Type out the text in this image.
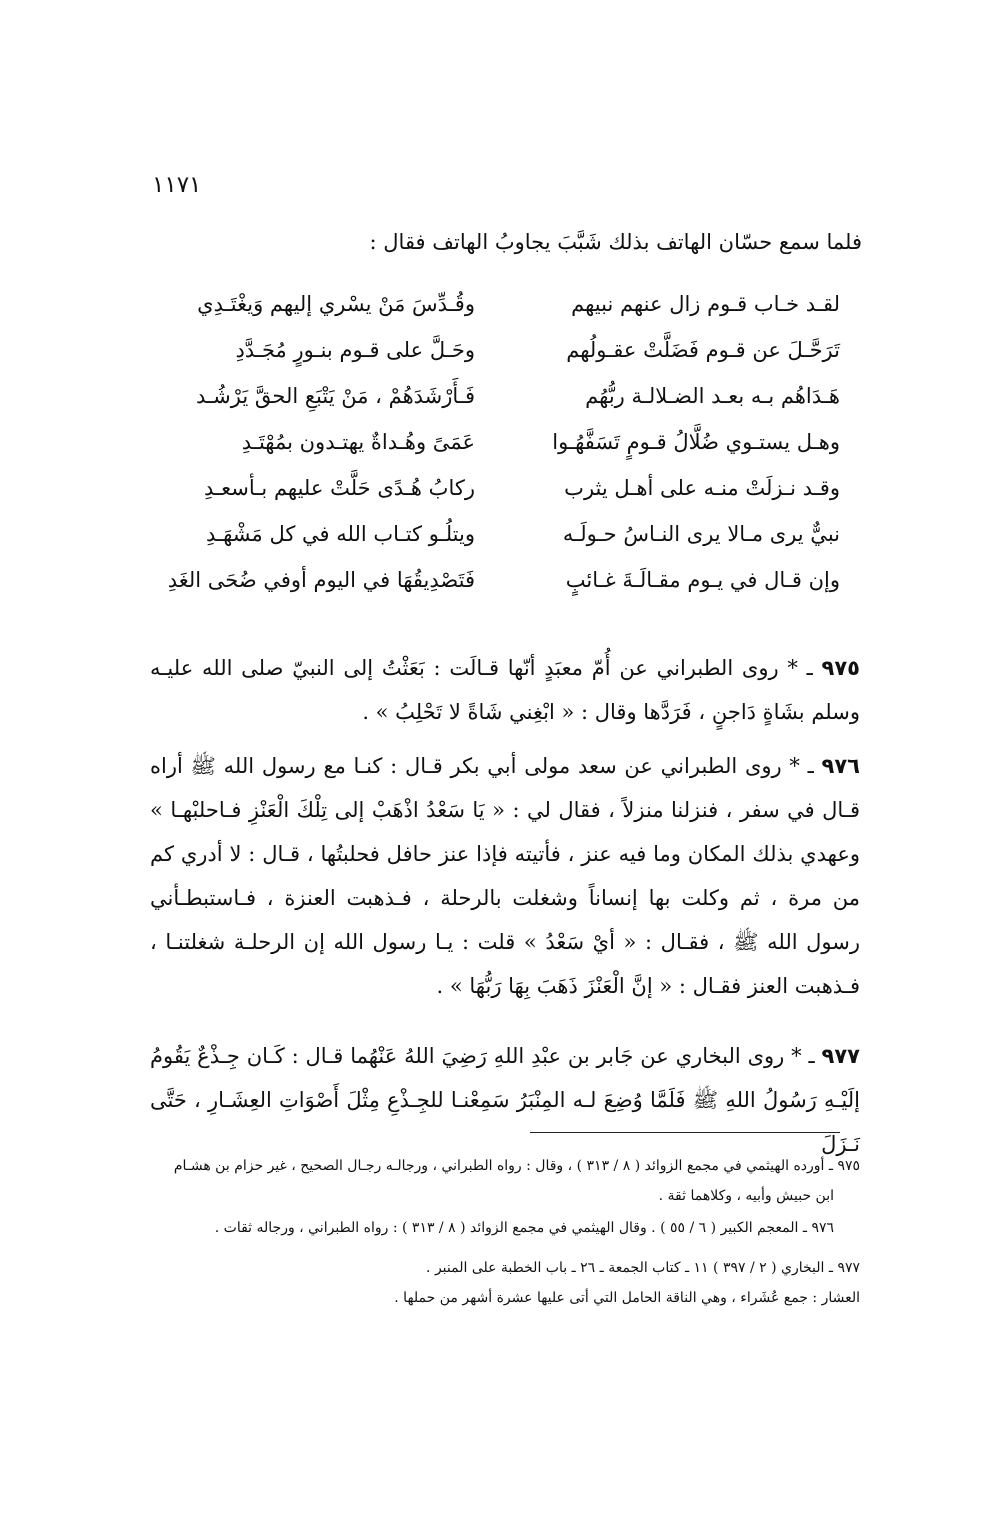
١١٧١
فلما سمع حسّان الهاتف بذلك شَبَّبَ يجاوبُ الهاتف فقال :
لقـد خـاب قـوم زال عنهم نبيهم
وقُـدِّسَ مَنْ يسْري إليهم وَيغْتَـدِي
تَرَحَّـلَ عن قـوم فَضَلَّتْ عقـولُهم
وحَـلَّ على قـوم بنـورٍ مُجَـدَّدِ
هَـدَاهُم بـه بعـد الضـلالـة ربُّهُم
فَـأَرْشَدَهُمْ ، مَنْ يَتْبَعِ الحقَّ يَرْشُـد
وهـل يستـوي ضُلَّالُ قـومٍ تَسَفَّهُـوا
عَمَىً وهُـداةٌ يهتـدون بمُهْتَـدِ
وقـد نـزلَتْ منـه على أهـل يثرب
ركابُ هُـدًى حَلَّتْ عليهم بـأسعـدِ
نبيٌّ يرى مـالا يرى النـاسُ حـولَـه
ويتلُـو كتـاب الله في كل مَشْهَـدِ
وإن قـال في يـوم مقـالَـةَ غـائبٍ
فَتَصْدِيقُهَا في اليوم أوفي ضُحَى الغَدِ
٩٧٥ ـ * روى الطبراني عن أُمّ معبَدٍ أنّها قـالَت : بَعَثْتُ إلى النبيّ صلى الله عليـه وسلم بشَاةٍ دَاجنٍ ، فَرَدَّها وقال : « ابْغِني شَاةً لا تَحْلِبُ » .
٩٧٦ ـ * روى الطبراني عن سعد مولى أبي بكر قـال : كنـا مع رسول الله ﷺ أراه قـال في سفر ، فنزلنا منزلاً ، فقال لي : « يَا سَعْدُ اذْهَبْ إلى تِلْكَ الْعَنْزِ فـاحلبْهـا » وعهدي بذلك المكان وما فيه عنز ، فأتيته فإذا عنز حافل فحلبتُها ، قـال : لا أدري كم من مرة ، ثم وكلت بها إنساناً وشغلت بالرحلة ، فـذهبت العنزة ، فـاستبطـأني رسول الله ﷺ ، فقـال : « أيْ سَعْدُ » قلت : يـا رسول الله إن الرحلـة شغلتنـا ، فـذهبت العنز فقـال : « إنَّ الْعَنْزَ ذَهَبَ بِهَا رَبُّهَا » .
٩٧٧ ـ * روى البخاري عن جَابر بن عبْدِ اللهِ رَضِيَ اللهُ عَنْهُما قـال : كَـان جِـذْعٌ يَقُومُ إلَيْـهِ رَسُولُ اللهِ ﷺ فَلَمَّا وُضِعَ لـه المِنْبَرُ سَمِعْنـا للجِـذْعِ مِثْلَ أَصْوَاتِ العِشَـارِ ، حَتَّى نَـزَلَ
٩٧٥ ـ أورده الهيثمي في مجمع الزوائد ( ٨ / ٣١٣ ) ، وقال : رواه الطبراني ، ورجالـه رجـال الصحيح ، غير حزام بن هشـام
ابن حبيش وأبيه ، وكلاهما ثقة .
٩٧٦ ـ المعجم الكبير ( ٦ / ٥٥ ) . وقال الهيثمي في مجمع الزوائد ( ٨ / ٣١٣ ) : رواه الطبراني ، ورجاله ثقات .
٩٧٧ ـ البخاري ( ٢ / ٣٩٧ ) ١١ ـ كتاب الجمعة ـ ٢٦ ـ باب الخطبة على المنبر .
العشار : جمع عُشَراء ، وهي الناقة الحامل التي أتى عليها عشرة أشهر من حملها .
